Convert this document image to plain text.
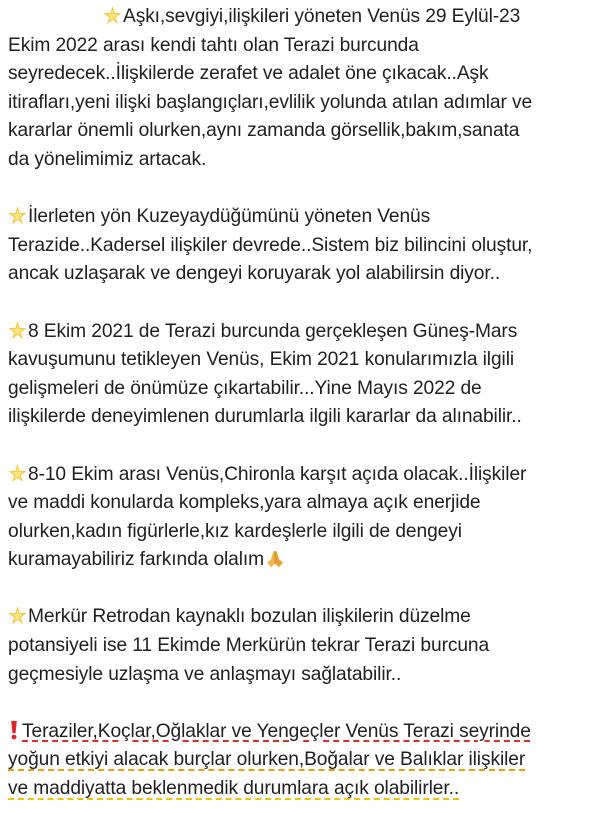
Aşkı,sevgiyi,ilişkileri yöneten Venüs 29 Eylül-23
Ekim 2022 arası kendi tahtı olan Terazi burcunda
seyredecek..İlişkilerde zerafet ve adalet öne çıkacak..Aşk
itirafları,yeni ilişki başlangıçları,evlilik yolunda atılan adımlar ve
kararlar önemli olurken,aynı zamanda görsellik,bakım,sanata
da yönelimimiz artacak.

İlerleten yön Kuzeyaydüğümünü yöneten Venüs
Terazide..Kadersel ilişkiler devrede..Sistem biz bilincini oluştur,
ancak uzlaşarak ve dengeyi koruyarak yol alabilirsin diyor..

8 Ekim 2021 de Terazi burcunda gerçekleşen Güneş-Mars
kavuşumunu tetikleyen Venüs, Ekim 2021 konularımızla ilgili
gelişmeleri de önümüze çıkartabilir...Yine Mayıs 2022 de
ilişkilerde deneyimlenen durumlarla ilgili kararlar da alınabilir..

8-10 Ekim arası Venüs,Chironla karşıt açıda olacak..İlişkiler
ve maddi konularda kompleks,yara almaya açık enerjide
olurken,kadın figürlerle,kız kardeşlerle ilgili de dengeyi
kuramayabiliriz farkında olalım

Merkür Retrodan kaynaklı bozulan ilişkilerin düzelme
potansiyeli ise 11 Ekimde Merkürün tekrar Terazi burcuna
geçmesiyle uzlaşma ve anlaşmayı sağlatabilir..

Teraziler,Koçlar,Oğlaklar ve Yengeçler Venüs Terazi seyrinde
yoğun etkiyi alacak burçlar olurken,Boğalar ve Balıklar ilişkiler
ve maddiyatta beklenmedik durumlara açık olabilirler..
